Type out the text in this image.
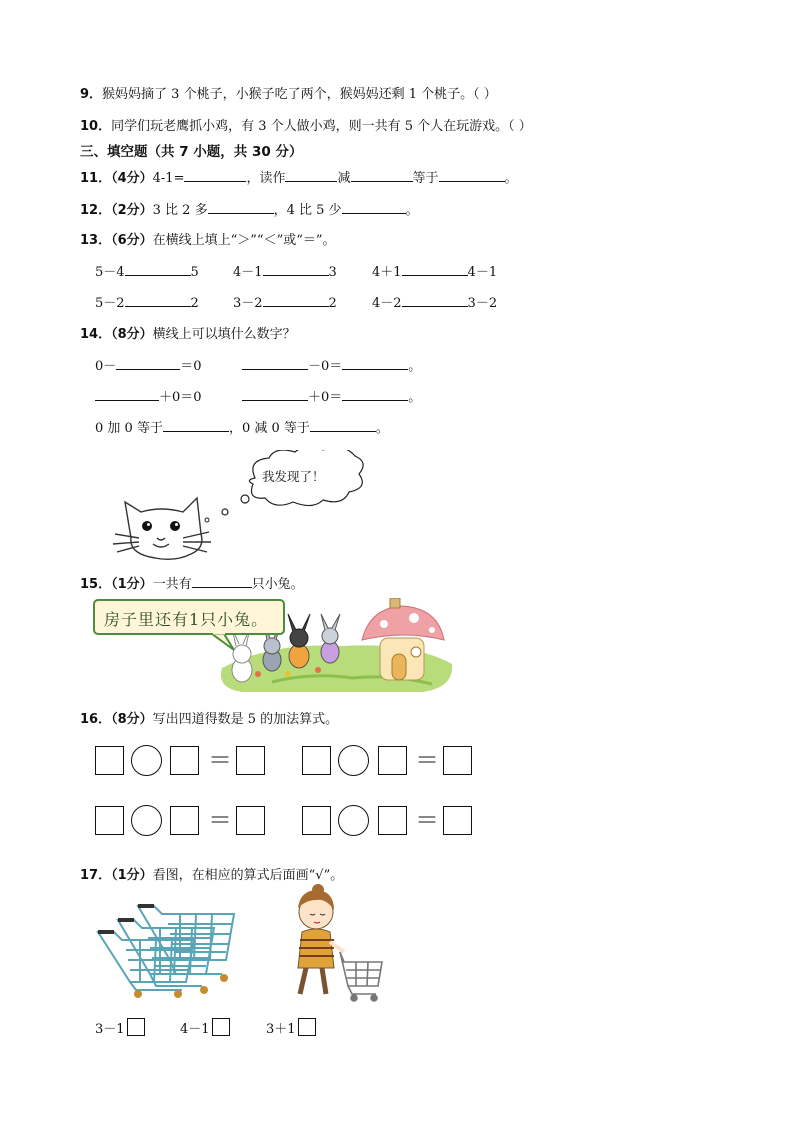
9．猴妈妈摘了 3 个桃子，小猴子吃了两个，猴妈妈还剩 1 个桃子。（ ）
10．同学们玩老鹰抓小鸡，有 3 个人做小鸡，则一共有 5 个人在玩游戏。（ ）
三、填空题（共 7 小题，共 30 分）
11．（4分）4-1=	，读作	减	等于	。
12．（2分）3 比 2 多	，4 比 5 少	。
13．（6分）在横线上填上“＞”“＜”或“＝”。
5－4	5	4－1	3	4＋1	4－1
5－2	2	3－2	2	4－2	3－2
14．（8分）横线上可以填什么数字？
0－	＝0	－0＝	。
＋0＝0	＋0＝	。
0 加 0 等于	，0 减 0 等于	。
我发现了！
15．（1分）一共有	只小兔。
房子里还有1只小兔。
16．（8分）写出四道得数是 5 的加法算式。
＝	＝
＝	＝
17．（1分）看图，在相应的算式后面画“√”。
3－1	4－1	3＋1
